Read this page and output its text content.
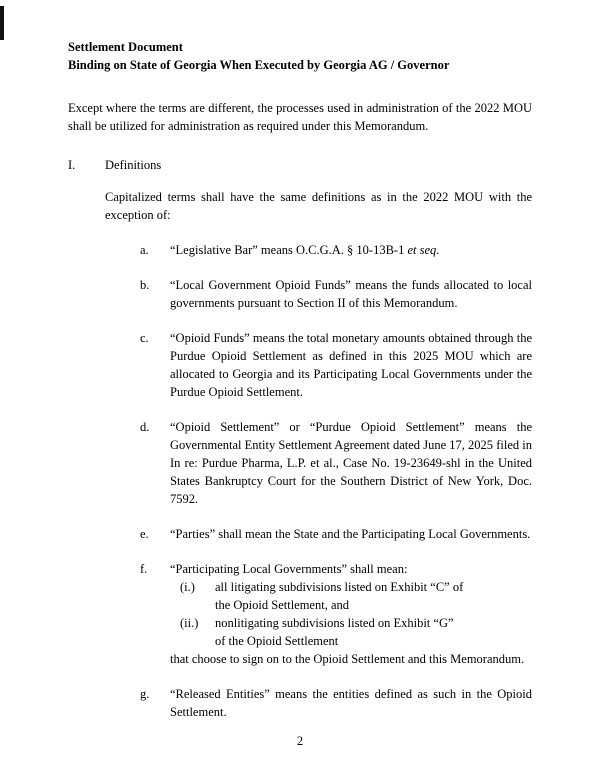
Settlement Document
Binding on State of Georgia When Executed by Georgia AG / Governor
Except where the terms are different, the processes used in administration of the 2022 MOU shall be utilized for administration as required under this Memorandum.
I.	Definitions
Capitalized terms shall have the same definitions as in the 2022 MOU with the exception of:
a.	“Legislative Bar” means O.C.G.A. § 10-13B-1 et seq.
b.	“Local Government Opioid Funds” means the funds allocated to local governments pursuant to Section II of this Memorandum.
c.	“Opioid Funds” means the total monetary amounts obtained through the Purdue Opioid Settlement as defined in this 2025 MOU which are allocated to Georgia and its Participating Local Governments under the Purdue Opioid Settlement.
d.	“Opioid Settlement” or “Purdue Opioid Settlement” means the Governmental Entity Settlement Agreement dated June 17, 2025 filed in In re: Purdue Pharma, L.P. et al., Case No. 19-23649-shl in the United States Bankruptcy Court for the Southern District of New York, Doc. 7592.
e.	“Parties” shall mean the State and the Participating Local Governments.
f.	“Participating Local Governments” shall mean:
(i.)	all litigating subdivisions listed on Exhibit “C” of the Opioid Settlement, and
(ii.)	nonlitigating subdivisions listed on Exhibit “G” of the Opioid Settlement
that choose to sign on to the Opioid Settlement and this Memorandum.
g.	“Released Entities” means the entities defined as such in the Opioid Settlement.
2
